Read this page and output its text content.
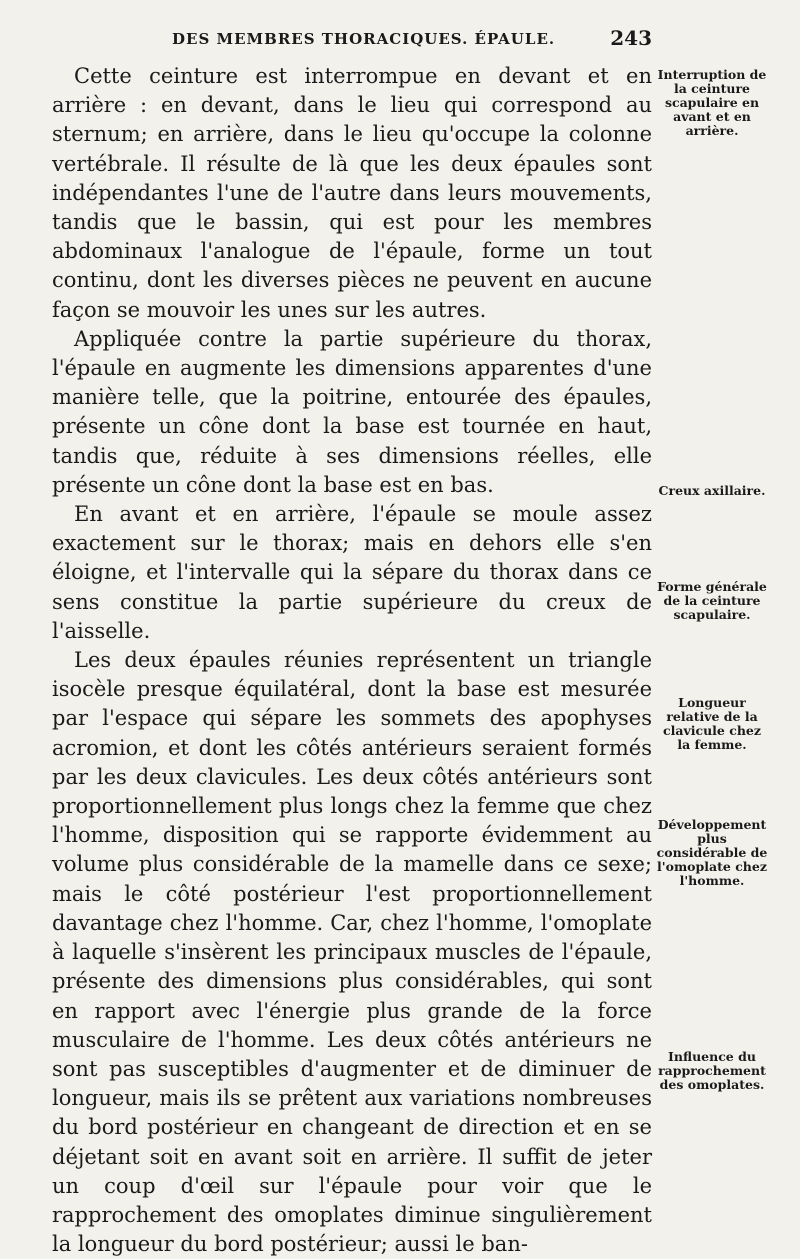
DES MEMBRES THORACIQUES. ÉPAULE.	243

Cette ceinture est interrompue en devant et en arrière : en devant, dans le lieu qui correspond au sternum; en arrière, dans le lieu qu'occupe la colonne vertébrale. Il résulte de là que les deux épaules sont indépendantes l'une de l'autre dans leurs mouvements, tandis que le bassin, qui est pour les membres abdominaux l'analogue de l'épaule, forme un tout continu, dont les diverses pièces ne peuvent en aucune façon se mouvoir les unes sur les autres.

Appliquée contre la partie supérieure du thorax, l'épaule en augmente les dimensions apparentes d'une manière telle, que la poitrine, entourée des épaules, présente un cône dont la base est tournée en haut, tandis que, réduite à ses dimensions réelles, elle présente un cône dont la base est en bas.

En avant et en arrière, l'épaule se moule assez exactement sur le thorax; mais en dehors elle s'en éloigne, et l'intervalle qui la sépare du thorax dans ce sens constitue la partie supérieure du creux de l'aisselle.

Les deux épaules réunies représentent un triangle isocèle presque équilatéral, dont la base est mesurée par l'espace qui sépare les sommets des apophyses acromion, et dont les côtés antérieurs seraient formés par les deux clavicules. Les deux côtés antérieurs sont proportionnellement plus longs chez la femme que chez l'homme, disposition qui se rapporte évidemment au volume plus considérable de la mamelle dans ce sexe; mais le côté postérieur l'est proportionnellement davantage chez l'homme. Car, chez l'homme, l'omoplate à laquelle s'insèrent les principaux muscles de l'épaule, présente des dimensions plus considérables, qui sont en rapport avec l'énergie plus grande de la force musculaire de l'homme. Les deux côtés antérieurs ne sont pas susceptibles d'augmenter et de diminuer de longueur, mais ils se prêtent aux variations nombreuses du bord postérieur en changeant de direction et en se déjetant soit en avant soit en arrière. Il suffit de jeter un coup d'œil sur l'épaule pour voir que le rapprochement des omoplates diminue singulièrement la longueur du bord postérieur; aussi le ban-

Interruption de la ceinture scapulaire en avant et en arrière.
Creux axillaire.
Forme générale de la ceinture scapulaire.
Longueur relative de la clavicule chez la femme.
Développement plus considérable de l'omoplate chez l'homme.
Influence du rapprochement des omoplates.
